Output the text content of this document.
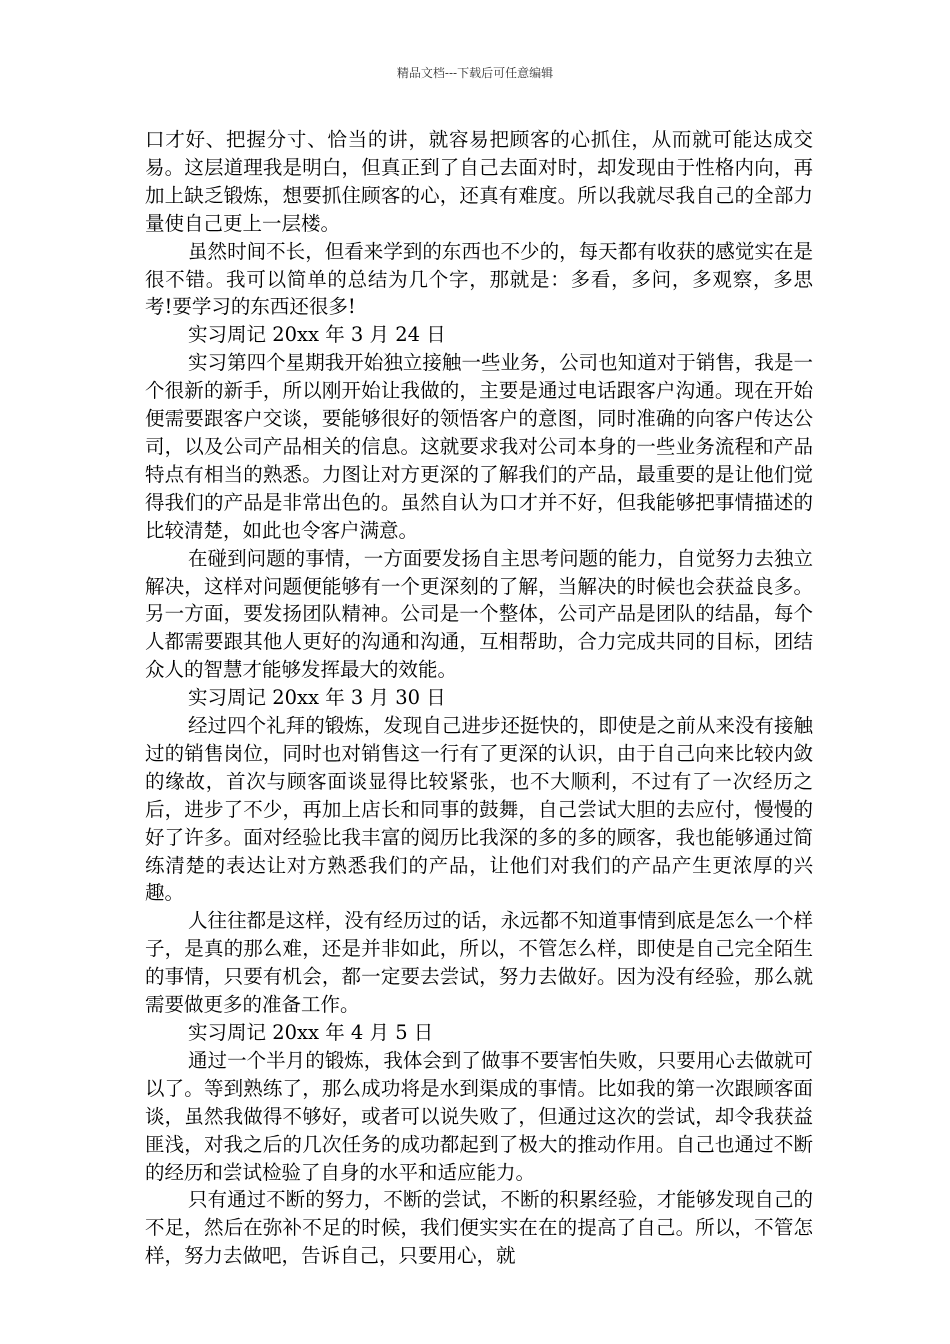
精品文档---下载后可任意编辑

口才好、把握分寸、恰当的讲，就容易把顾客的心抓住，从而就可能达成交易。这层道理我是明白，但真正到了自己去面对时，却发现由于性格内向，再加上缺乏锻炼，想要抓住顾客的心，还真有难度。所以我就尽我自己的全部力量使自己更上一层楼。

虽然时间不长，但看来学到的东西也不少的，每天都有收获的感觉实在是很不错。我可以简单的总结为几个字，那就是：多看，多问，多观察，多思考!要学习的东西还很多!

实习周记 20xx 年 3 月 24 日

实习第四个星期我开始独立接触一些业务，公司也知道对于销售，我是一个很新的新手，所以刚开始让我做的，主要是通过电话跟客户沟通。现在开始便需要跟客户交谈，要能够很好的领悟客户的意图，同时准确的向客户传达公司，以及公司产品相关的信息。这就要求我对公司本身的一些业务流程和产品特点有相当的熟悉。力图让对方更深的了解我们的产品，最重要的是让他们觉得我们的产品是非常出色的。虽然自认为口才并不好，但我能够把事情描述的比较清楚，如此也令客户满意。

在碰到问题的事情，一方面要发扬自主思考问题的能力，自觉努力去独立解决，这样对问题便能够有一个更深刻的了解，当解决的时候也会获益良多。另一方面，要发扬团队精神。公司是一个整体，公司产品是团队的结晶，每个人都需要跟其他人更好的沟通和沟通，互相帮助，合力完成共同的目标，团结众人的智慧才能够发挥最大的效能。

实习周记 20xx 年 3 月 30 日

经过四个礼拜的锻炼，发现自己进步还挺快的，即使是之前从来没有接触过的销售岗位，同时也对销售这一行有了更深的认识，由于自己向来比较内敛的缘故，首次与顾客面谈显得比较紧张，也不大顺利，不过有了一次经历之后，进步了不少，再加上店长和同事的鼓舞，自己尝试大胆的去应付，慢慢的好了许多。面对经验比我丰富的阅历比我深的多的多的顾客，我也能够通过简练清楚的表达让对方熟悉我们的产品，让他们对我们的产品产生更浓厚的兴趣。

人往往都是这样，没有经历过的话，永远都不知道事情到底是怎么一个样子，是真的那么难，还是并非如此，所以，不管怎么样，即使是自己完全陌生的事情，只要有机会，都一定要去尝试，努力去做好。因为没有经验，那么就需要做更多的准备工作。

实习周记 20xx 年 4 月 5 日

通过一个半月的锻炼，我体会到了做事不要害怕失败，只要用心去做就可以了。等到熟练了，那么成功将是水到渠成的事情。比如我的第一次跟顾客面谈，虽然我做得不够好，或者可以说失败了，但通过这次的尝试，却令我获益匪浅，对我之后的几次任务的成功都起到了极大的推动作用。自己也通过不断的经历和尝试检验了自身的水平和适应能力。

只有通过不断的努力，不断的尝试，不断的积累经验，才能够发现自己的不足，然后在弥补不足的时候，我们便实实在在的提高了自己。所以，不管怎样，努力去做吧，告诉自己，只要用心，就
